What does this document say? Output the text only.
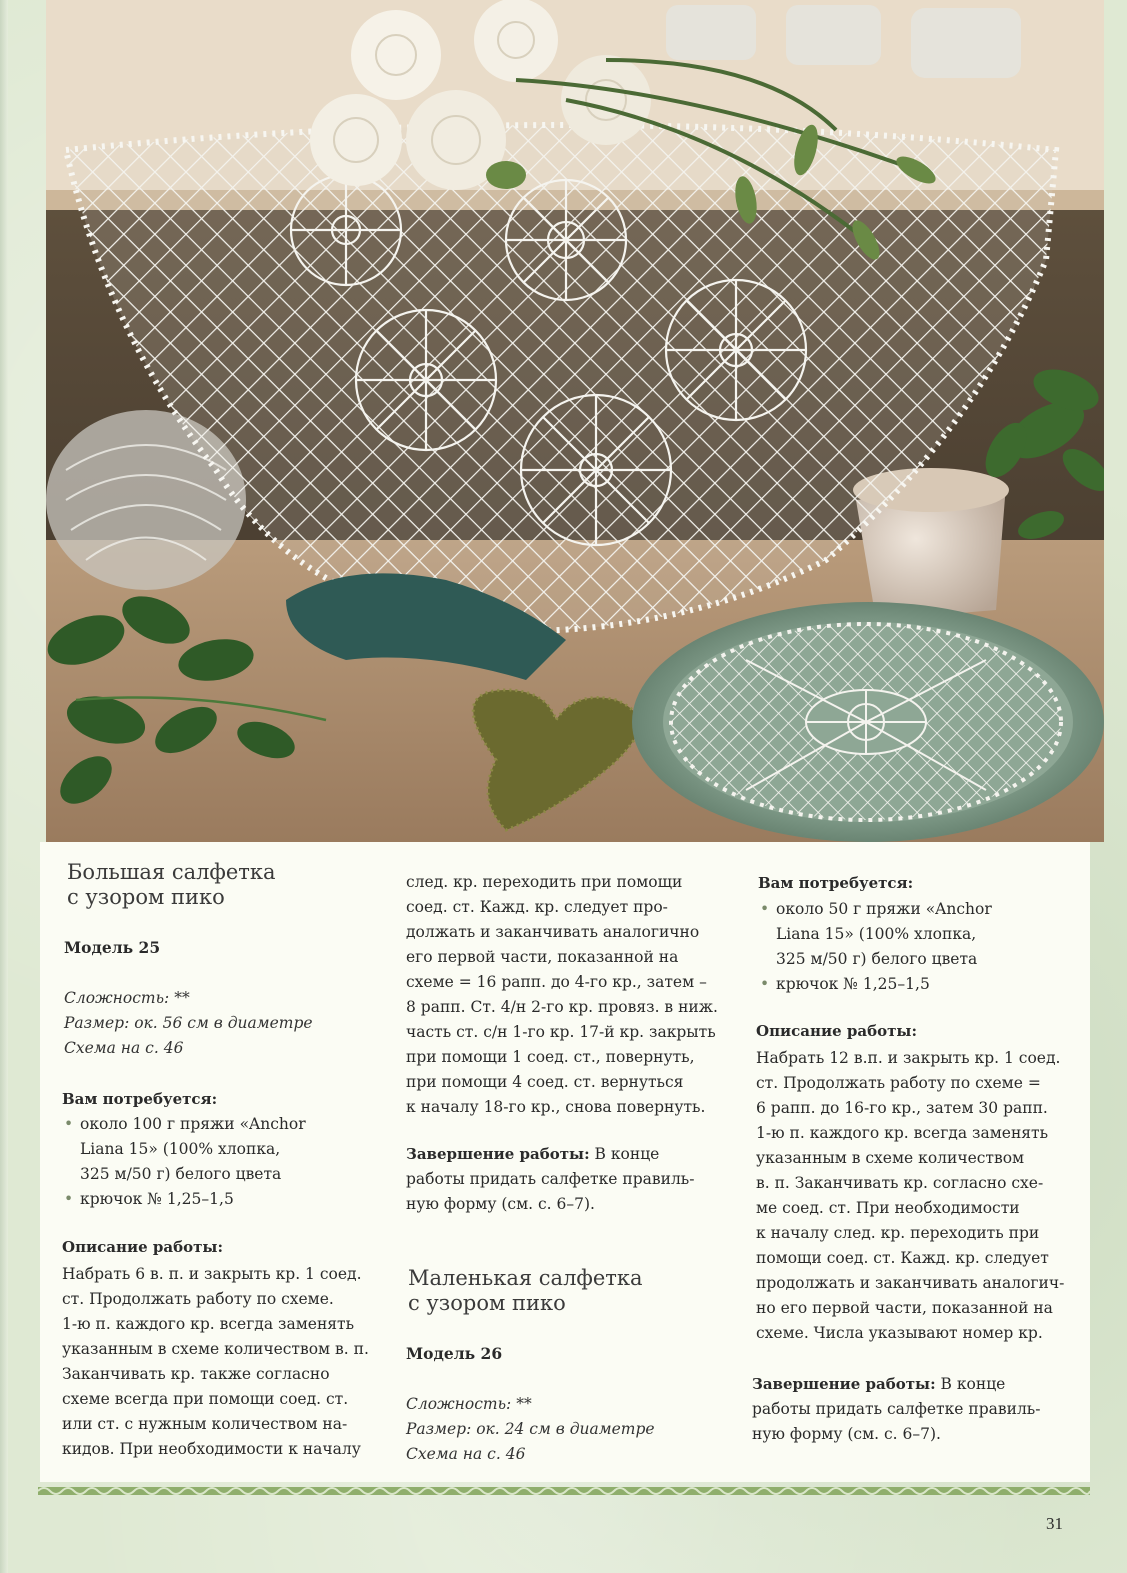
Большая салфетка
с узором пико
Модель 25
Сложность: **
Размер: ок. 56 см в диаметре
Схема на с. 46
Вам потребуется:
• около 100 г пряжи «Anchor
Liana 15» (100% хлопка,
325 м/50 г) белого цвета
• крючок № 1,25–1,5
Описание работы:
Набрать 6 в. п. и закрыть кр. 1 соед.
ст. Продолжать работу по схеме.
1-ю п. каждого кр. всегда заменять
указанным в схеме количеством в. п.
Заканчивать кр. также согласно
схеме всегда при помощи соед. ст.
или ст. с нужным количеством на-
кидов. При необходимости к началу
след. кр. переходить при помощи
соед. ст. Кажд. кр. следует про-
должать и заканчивать аналогично
его первой части, показанной на
схеме = 16 рапп. до 4-го кр., затем –
8 рапп. Ст. 4/н 2-го кр. провяз. в ниж.
часть ст. с/н 1-го кр. 17-й кр. закрыть
при помощи 1 соед. ст., повернуть,
при помощи 4 соед. ст. вернуться
к началу 18-го кр., снова повернуть.
Завершение работы: В конце
работы придать салфетке правиль-
ную форму (см. с. 6–7).
Маленькая салфетка
с узором пико
Модель 26
Сложность: **
Размер: ок. 24 см в диаметре
Схема на с. 46
Вам потребуется:
• около 50 г пряжи «Anchor
Liana 15» (100% хлопка,
325 м/50 г) белого цвета
• крючок № 1,25–1,5
Описание работы:
Набрать 12 в.п. и закрыть кр. 1 соед.
ст. Продолжать работу по схеме =
6 рапп. до 16-го кр., затем 30 рапп.
1-ю п. каждого кр. всегда заменять
указанным в схеме количеством
в. п. Заканчивать кр. согласно схе-
ме соед. ст. При необходимости
к началу след. кр. переходить при
помощи соед. ст. Кажд. кр. следует
продолжать и заканчивать аналогич-
но его первой части, показанной на
схеме. Числа указывают номер кр.
Завершение работы: В конце
работы придать салфетке правиль-
ную форму (см. с. 6–7).
31
